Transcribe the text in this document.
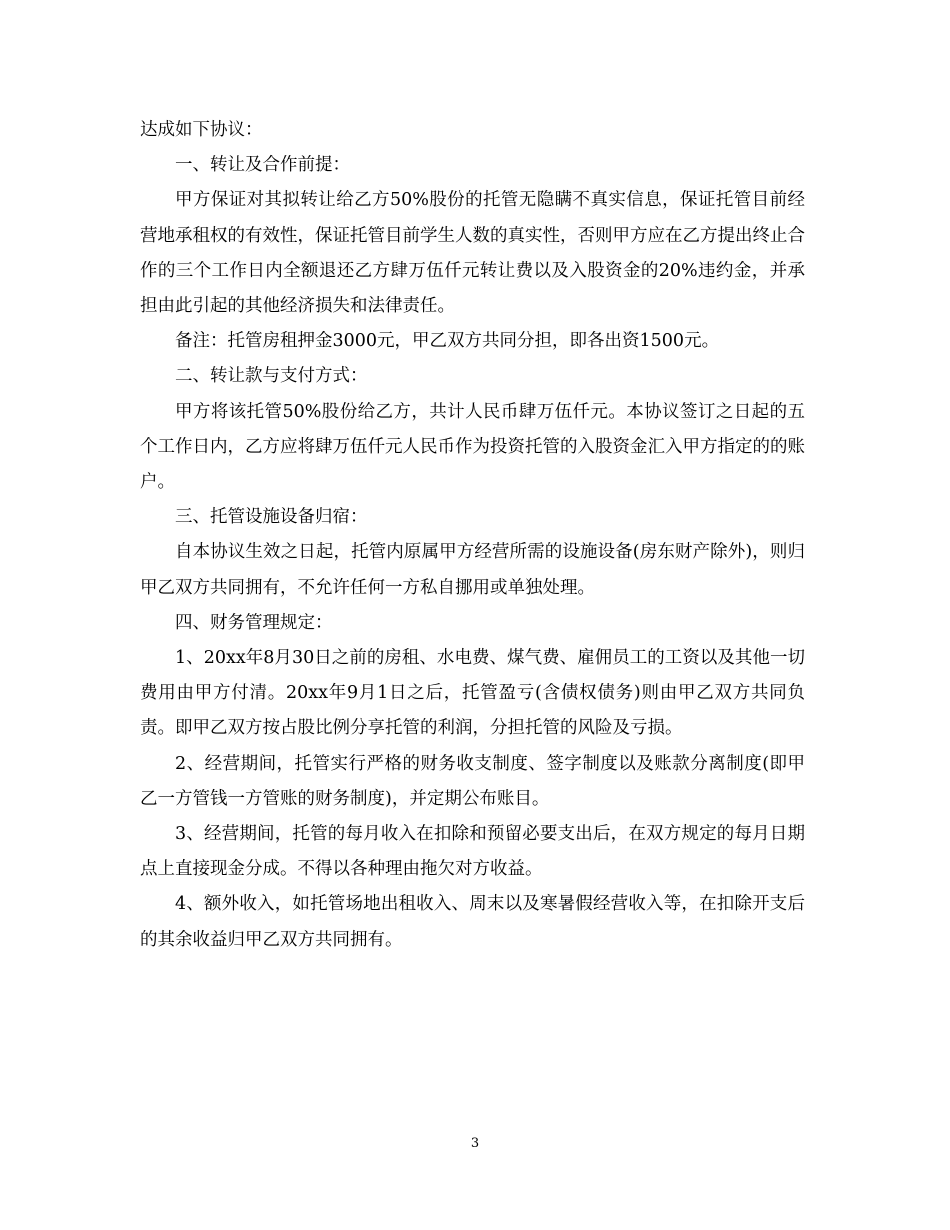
达成如下协议：

一、转让及合作前提：

甲方保证对其拟转让给乙方50%股份的托管无隐瞒不真实信息，保证托管目前经营地承租权的有效性，保证托管目前学生人数的真实性，否则甲方应在乙方提出终止合作的三个工作日内全额退还乙方肆万伍仟元转让费以及入股资金的20%违约金，并承担由此引起的其他经济损失和法律责任。

备注：托管房租押金3000元，甲乙双方共同分担，即各出资1500元。

二、转让款与支付方式：

甲方将该托管50%股份给乙方，共计人民币肆万伍仟元。本协议签订之日起的五个工作日内，乙方应将肆万伍仟元人民币作为投资托管的入股资金汇入甲方指定的的账户。

三、托管设施设备归宿：

自本协议生效之日起，托管内原属甲方经营所需的设施设备(房东财产除外)，则归甲乙双方共同拥有，不允许任何一方私自挪用或单独处理。

四、财务管理规定：

1、20xx年8月30日之前的房租、水电费、煤气费、雇佣员工的工资以及其他一切费用由甲方付清。20xx年9月1日之后，托管盈亏(含债权债务)则由甲乙双方共同负责。即甲乙双方按占股比例分享托管的利润，分担托管的风险及亏损。

2、经营期间，托管实行严格的财务收支制度、签字制度以及账款分离制度(即甲乙一方管钱一方管账的财务制度)，并定期公布账目。

3、经营期间，托管的每月收入在扣除和预留必要支出后，在双方规定的每月日期点上直接现金分成。不得以各种理由拖欠对方收益。

4、额外收入，如托管场地出租收入、周末以及寒暑假经营收入等，在扣除开支后的其余收益归甲乙双方共同拥有。

3
